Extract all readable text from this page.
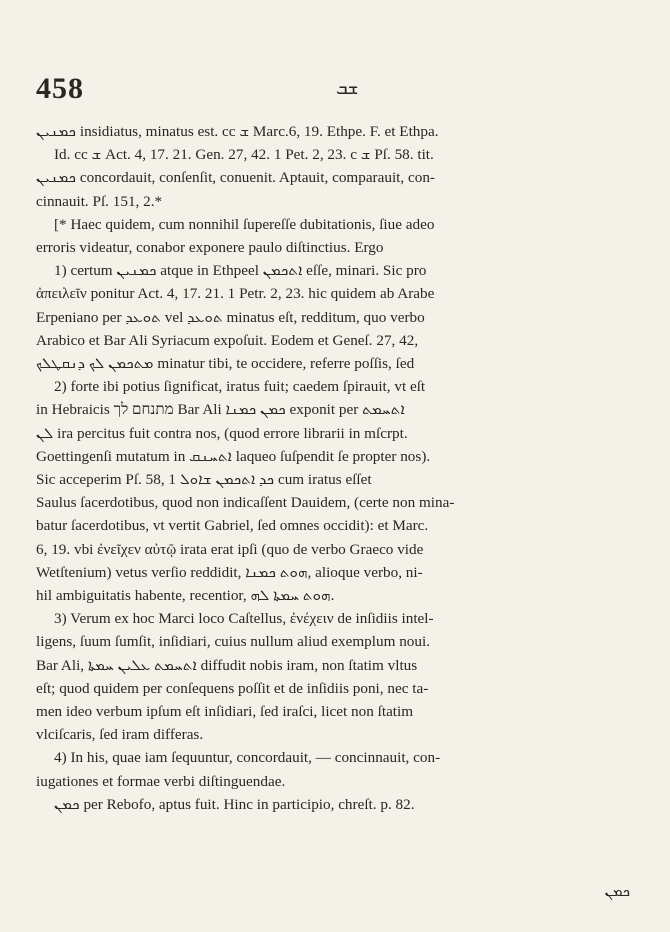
458	ܫܒ

ܟܡܢܝܢ insidiatus, minatus est. cc ܫ Marc.6, 19. Ethpe. F. et Ethpa.

Id. cc ܫ Act. 4, 17. 21. Gen. 27, 42. 1 Pet. 2, 23. c ܫ Pſ. 58. tit.

ܟܡܢܝܢ concordauit, conſenſit, conuenit. Aptauit, comparauit, con-

cinnauit. Pſ. 151, 2.*

[* Haec quidem, cum nonnihil ſupereſſe dubitationis, ſiue adeo

erroris videatur, conabor exponere paulo diſtinctius. Ergo

1) certum ܟܡܢܝܢ atque in Ethpeel ܐܬܟܡܢ eſſe, minari. Sic pro

ἀπειλεῖν ponitur Act. 4, 17. 21. 1 Petr. 2, 23. hic quidem ab Arabe

Erpeniano per ܬܘܥܕ vel ܬܘܥܕ minatus eſt, redditum, quo verbo

Arabico et Bar Ali Syriacum expoſuit. Eodem et Geneſ. 27, 42,

ܡܬܟܡܢ ܠܟ ܕܢܩܛܠܟ minatur tibi, te occidere, referre poſſis, ſed

2) forte ibi potius ſignificat, iratus fuit; caedem ſpirauit, vt eſt

in Hebraicis מתנחם לך Bar Ali ܟܡܢ ܟܡܢܐ exponit per ܐܬܚܡܬ

ܠܢ ira percitus fuit contra nos, (quod errore librarii in mſcrpt.

Goettingenſi mutatum in ܐܬܚܢܩ laqueo ſuſpendit ſe propter nos).

Sic acceperim Pſ. 58, 1 ܟܕ ܐܬܟܡܢ ܫܐܘܠ cum iratus eſſet

Saulus ſacerdotibus, quod non indicaſſent Dauidem, (certe non mina-

batur ſacerdotibus, vt vertit Gabriel, ſed omnes occidit): et Marc.

6, 19. vbi ἐνεῖχεν αὐτῷ irata erat ipſi (quo de verbo Graeco vide

Wetſtenium) vetus verſio reddidit, ܗܘܬ ܟܡܢܐ, alioque verbo, ni-

hil ambiguitatis habente, recentior, ܗܘܬ ܚܡܬܐ ܠܗ.

3) Verum ex hoc Marci loco Caſtellus, ἐνέχειν de inſidiis intel-

ligens, ſuum ſumſit, inſidiari, cuius nullum aliud exemplum noui.

Bar Ali, ܐܬܚܡܬ ܥܠܝܢ ܚܡܬܐ diffudit nobis iram, non ſtatim vltus

eſt; quod quidem per conſequens poſſit et de inſidiis poni, nec ta-

men ideo verbum ipſum eſt inſidiari, ſed iraſci, licet non ſtatim

vlciſcaris, ſed iram differas.

4) In his, quae iam ſequuntur, concordauit, — concinnauit, con-

iugationes et formae verbi diſtinguendae.

ܟܡܢ per Rebofo, aptus fuit. Hinc in participio, chreſt. p. 82.

ܟܡܢ
